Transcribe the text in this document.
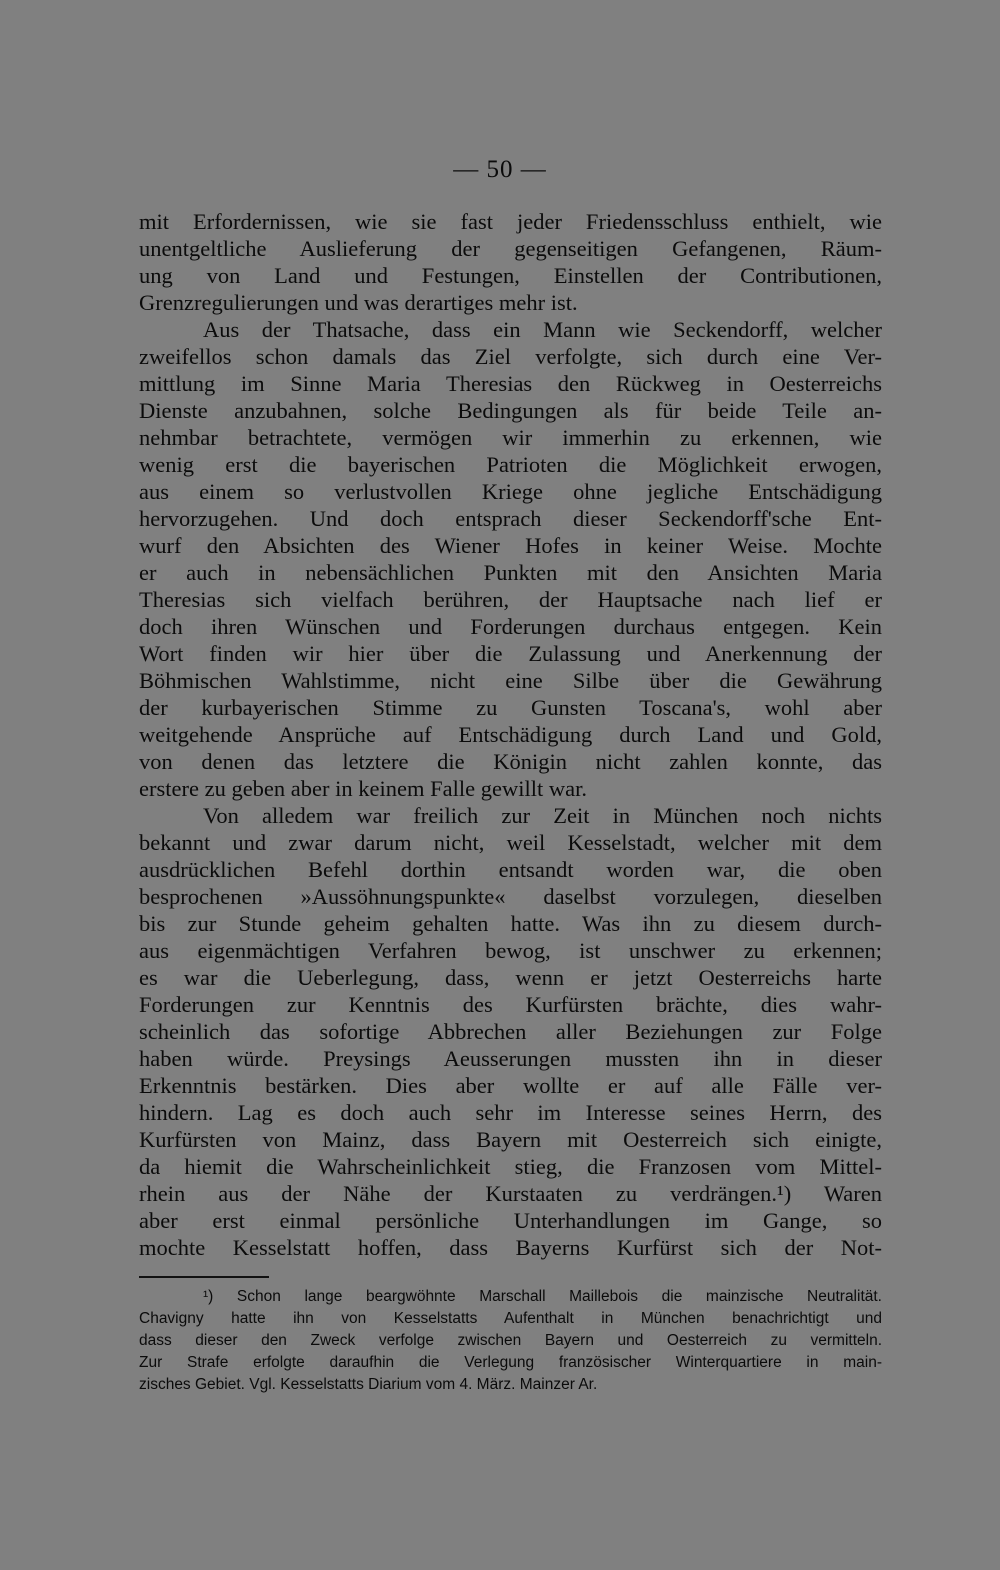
— 50 —
mit Erfordernissen, wie sie fast jeder Friedensschluss enthielt, wie
unentgeltliche Auslieferung der gegenseitigen Gefangenen, Räum-
ung von Land und Festungen, Einstellen der Contributionen,
Grenzregulierungen und was derartiges mehr ist.
Aus der Thatsache, dass ein Mann wie Seckendorff, welcher
zweifellos schon damals das Ziel verfolgte, sich durch eine Ver-
mittlung im Sinne Maria Theresias den Rückweg in Oesterreichs
Dienste anzubahnen, solche Bedingungen als für beide Teile an-
nehmbar betrachtete, vermögen wir immerhin zu erkennen, wie
wenig erst die bayerischen Patrioten die Möglichkeit erwogen,
aus einem so verlustvollen Kriege ohne jegliche Entschädigung
hervorzugehen. Und doch entsprach dieser Seckendorff'sche Ent-
wurf den Absichten des Wiener Hofes in keiner Weise. Mochte
er auch in nebensächlichen Punkten mit den Ansichten Maria
Theresias sich vielfach berühren, der Hauptsache nach lief er
doch ihren Wünschen und Forderungen durchaus entgegen. Kein
Wort finden wir hier über die Zulassung und Anerkennung der
Böhmischen Wahlstimme, nicht eine Silbe über die Gewährung
der kurbayerischen Stimme zu Gunsten Toscana's, wohl aber
weitgehende Ansprüche auf Entschädigung durch Land und Gold,
von denen das letztere die Königin nicht zahlen konnte, das
erstere zu geben aber in keinem Falle gewillt war.
Von alledem war freilich zur Zeit in München noch nichts
bekannt und zwar darum nicht, weil Kesselstadt, welcher mit dem
ausdrücklichen Befehl dorthin entsandt worden war, die oben
besprochenen »Aussöhnungspunkte« daselbst vorzulegen, dieselben
bis zur Stunde geheim gehalten hatte. Was ihn zu diesem durch-
aus eigenmächtigen Verfahren bewog, ist unschwer zu erkennen;
es war die Ueberlegung, dass, wenn er jetzt Oesterreichs harte
Forderungen zur Kenntnis des Kurfürsten brächte, dies wahr-
scheinlich das sofortige Abbrechen aller Beziehungen zur Folge
haben würde. Preysings Aeusserungen mussten ihn in dieser
Erkenntnis bestärken. Dies aber wollte er auf alle Fälle ver-
hindern. Lag es doch auch sehr im Interesse seines Herrn, des
Kurfürsten von Mainz, dass Bayern mit Oesterreich sich einigte,
da hiemit die Wahrscheinlichkeit stieg, die Franzosen vom Mittel-
rhein aus der Nähe der Kurstaaten zu verdrängen.¹) Waren
aber erst einmal persönliche Unterhandlungen im Gange, so
mochte Kesselstatt hoffen, dass Bayerns Kurfürst sich der Not-
¹) Schon lange beargwöhnte Marschall Maillebois die mainzische Neutralität.
Chavigny hatte ihn von Kesselstatts Aufenthalt in München benachrichtigt und
dass dieser den Zweck verfolge zwischen Bayern und Oesterreich zu vermitteln.
Zur Strafe erfolgte daraufhin die Verlegung französischer Winterquartiere in main-
zisches Gebiet. Vgl. Kesselstatts Diarium vom 4. März. Mainzer Ar.
